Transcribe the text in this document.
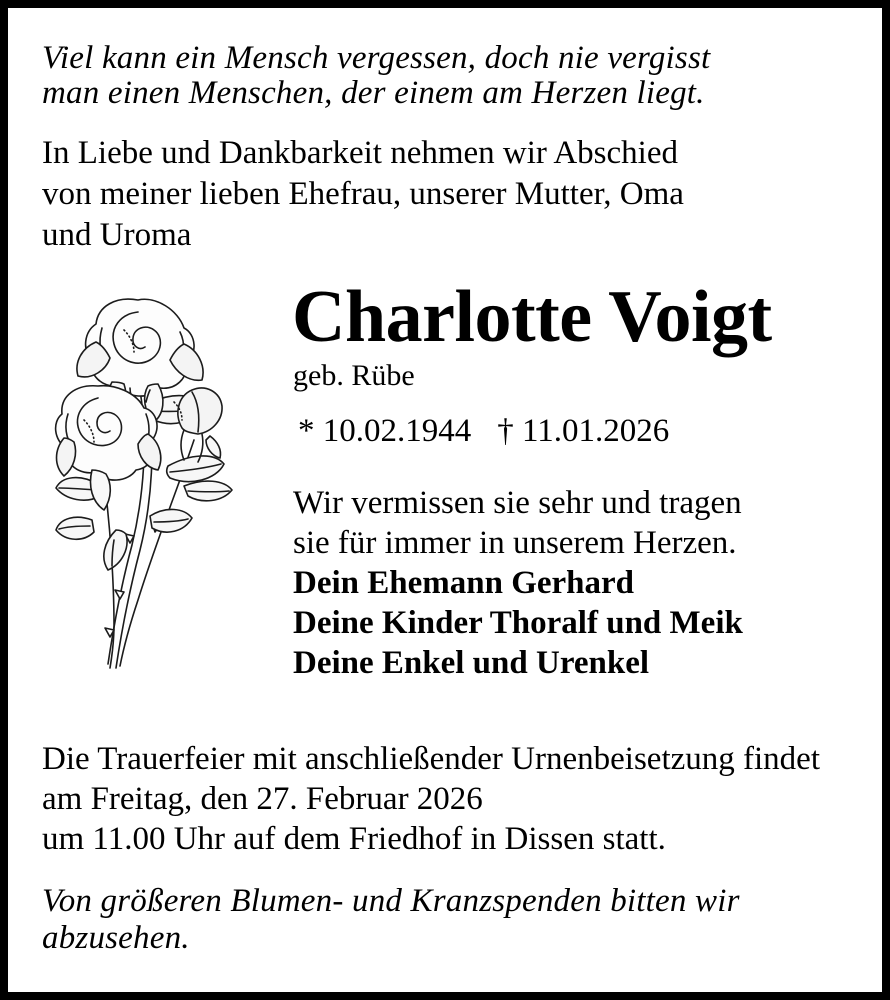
Viel kann ein Mensch vergessen, doch nie vergisst
man einen Menschen, der einem am Herzen liegt.
In Liebe und Dankbarkeit nehmen wir Abschied
von meiner lieben Ehefrau, unserer Mutter, Oma
und Uroma
Charlotte Voigt
geb. Rübe
* 10.02.1944 † 11.01.2026
Wir vermissen sie sehr und tragen
sie für immer in unserem Herzen.
Dein Ehemann Gerhard
Deine Kinder Thoralf und Meik
Deine Enkel und Urenkel
Die Trauerfeier mit anschließender Urnenbeisetzung findet
am Freitag, den 27. Februar 2026
um 11.00 Uhr auf dem Friedhof in Dissen statt.
Von größeren Blumen- und Kranzspenden bitten wir
abzusehen.
